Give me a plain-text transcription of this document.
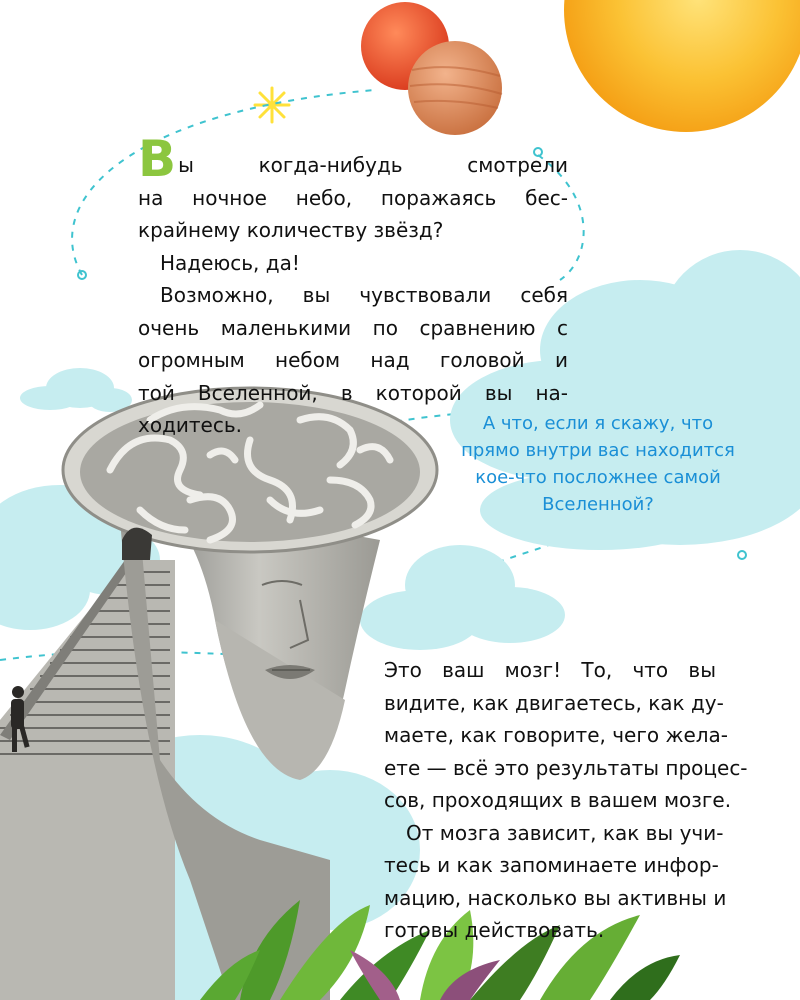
Вы когда-нибудь смотрели
на ночное небо, поражаясь бес-
крайнему количеству звёзд?
Надеюсь, да!
Возможно, вы чувствовали себя
очень маленькими по сравнению с
огромным небом над головой и
той Вселенной, в которой вы на-
ходитесь.	А что, если я скажу, что
прямо внутри вас находится
кое-что посложнее самой
Вселенной?
Это ваш мозг! То, что вы
видите, как двигаетесь, как ду-
маете, как говорите, чего жела-
ете — всё это результаты процес-
сов, проходящих в вашем мозге.
От мозга зависит, как вы учи-
тесь и как запоминаете инфор-
мацию, насколько вы активны и
готовы действовать.
